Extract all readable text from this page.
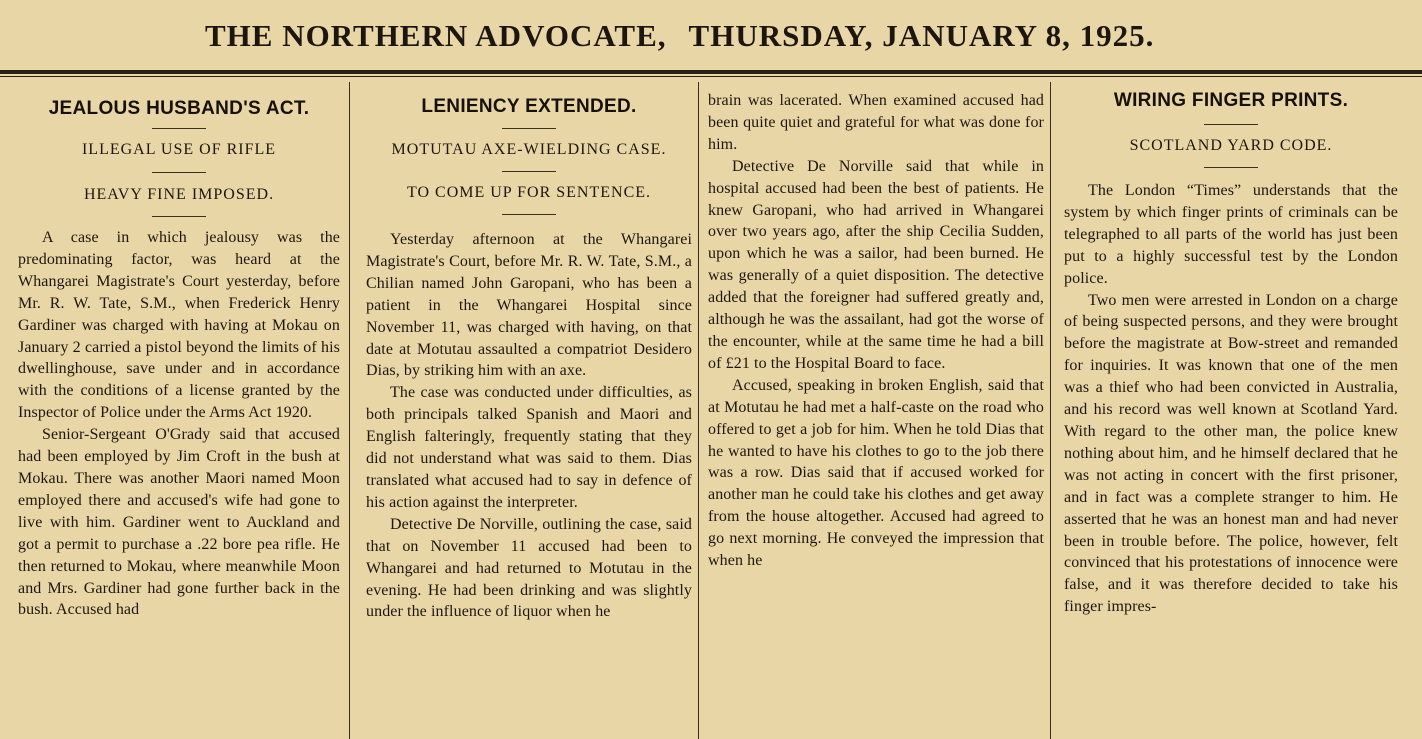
THE NORTHERN ADVOCATE, THURSDAY, JANUARY 8, 1925.
JEALOUS HUSBAND'S ACT.
ILLEGAL USE OF RIFLE
HEAVY FINE IMPOSED.

A case in which jealousy was the predominating factor, was heard at the Whangarei Magistrate's Court yesterday, before Mr. R. W. Tate, S.M., when Frederick Henry Gardiner was charged with having at Mokau on January 2 carried a pistol beyond the limits of his dwellinghouse, save under and in accordance with the conditions of a license granted by the Inspector of Police under the Arms Act 1920.

Senior-Sergeant O'Grady said that accused had been employed by Jim Croft in the bush at Mokau. There was another Maori named Moon employed there and accused's wife had gone to live with him. Gardiner went to Auckland and got a permit to purchase a .22 bore pea rifle. He then returned to Mokau, where meanwhile Moon and Mrs. Gardiner had gone further back in the bush. Accused had

LENIENCY EXTENDED.
MOTUTAU AXE-WIELDING CASE.
TO COME UP FOR SENTENCE.

Yesterday afternoon at the Whangarei Magistrate's Court, before Mr. R. W. Tate, S.M., a Chilian named John Garopani, who has been a patient in the Whangarei Hospital since November 11, was charged with having, on that date at Motutau assaulted a compatriot Desidero Dias, by striking him with an axe.

The case was conducted under difficulties, as both principals talked Spanish and Maori and English falteringly, frequently stating that they did not understand what was said to them. Dias translated what accused had to say in defence of his action against the interpreter.

Detective De Norville, outlining the case, said that on November 11 accused had been to Whangarei and had returned to Motutau in the evening. He had been drinking and was slightly under the influence of liquor when he

brain was lacerated. When examined accused had been quite quiet and grateful for what was done for him.

Detective De Norville said that while in hospital accused had been the best of patients. He knew Garopani, who had arrived in Whangarei over two years ago, after the ship Cecilia Sudden, upon which he was a sailor, had been burned. He was generally of a quiet disposition. The detective added that the foreigner had suffered greatly and, although he was the assailant, had got the worse of the encounter, while at the same time he had a bill of £21 to the Hospital Board to face.

Accused, speaking in broken English, said that at Motutau he had met a half-caste on the road who offered to get a job for him. When he told Dias that he wanted to have his clothes to go to the job there was a row. Dias said that if accused worked for another man he could take his clothes and get away from the house altogether. Accused had agreed to go next morning. He conveyed the impression that when he

WIRING FINGER PRINTS.
SCOTLAND YARD CODE.

The London “Times” understands that the system by which finger prints of criminals can be telegraphed to all parts of the world has just been put to a highly successful test by the London police.

Two men were arrested in London on a charge of being suspected persons, and they were brought before the magistrate at Bow-street and remanded for inquiries. It was known that one of the men was a thief who had been convicted in Australia, and his record was well known at Scotland Yard. With regard to the other man, the police knew nothing about him, and he himself declared that he was not acting in concert with the first prisoner, and in fact was a complete stranger to him. He asserted that he was an honest man and had never been in trouble before. The police, however, felt convinced that his protestations of innocence were false, and it was therefore decided to take his finger impres-
